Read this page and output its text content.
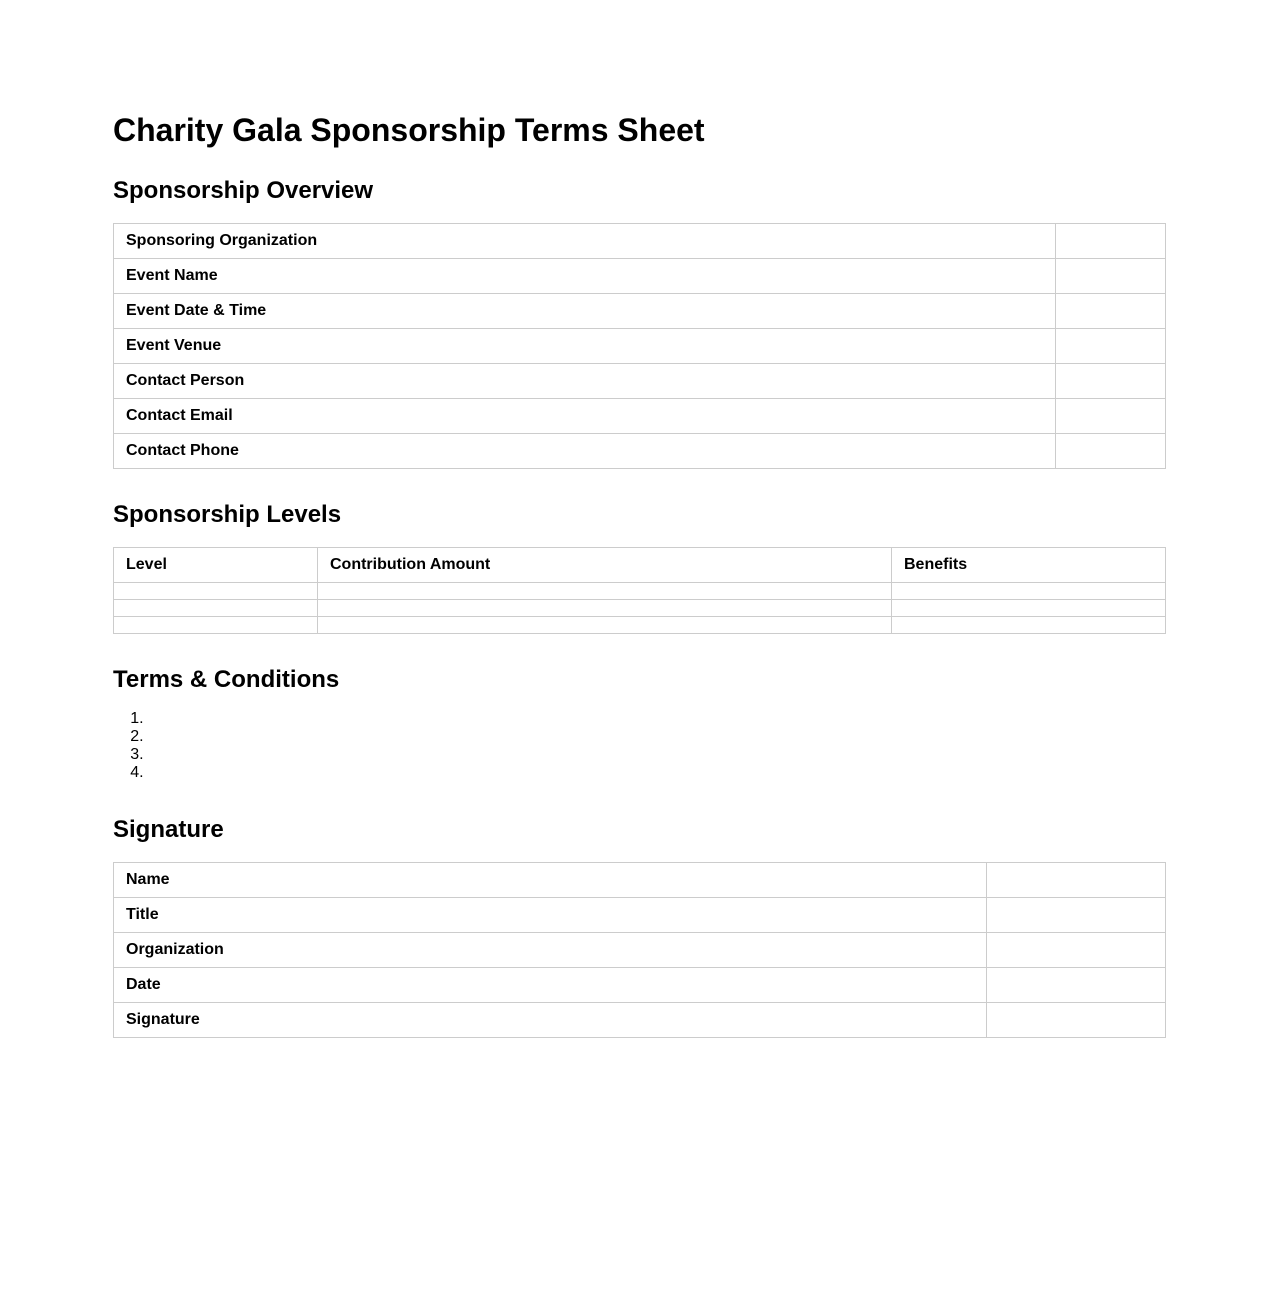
Charity Gala Sponsorship Terms Sheet
Sponsorship Overview
Sponsoring Organization	
Event Name	
Event Date & Time	
Event Venue	
Contact Person	
Contact Email	
Contact Phone	
Sponsorship Levels
Level	Contribution Amount	Benefits

Terms & Conditions
Signature
Name	
Title	
Organization	
Date	
Signature	
